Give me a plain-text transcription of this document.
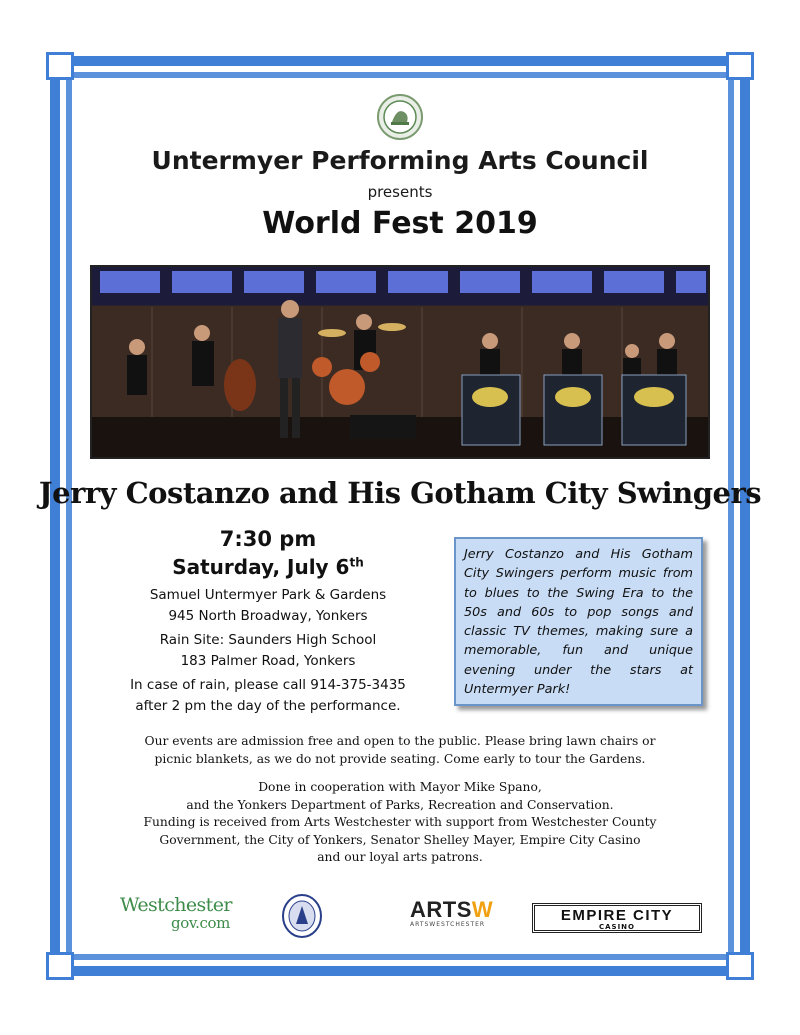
Untermyer Performing Arts Council
presents
World Fest 2019
Jerry Costanzo and His Gotham City Swingers
7:30 pm
Saturday, July 6th
Samuel Untermyer Park & Gardens
945 North Broadway, Yonkers
Rain Site: Saunders High School
183 Palmer Road, Yonkers
In case of rain, please call 914-375-3435
after 2 pm the day of the performance.
Jerry Costanzo and His Gotham City Swingers perform music from to blues to the Swing Era to the 50s and 60s to pop songs and classic TV themes, making sure a memorable, fun and unique evening under the stars at Untermyer Park!
Our events are admission free and open to the public. Please bring lawn chairs or
picnic blankets, as we do not provide seating. Come early to tour the Gardens.
Done in cooperation with Mayor Mike Spano,
and the Yonkers Department of Parks, Recreation and Conservation.
Funding is received from Arts Westchester with support from Westchester County
Government, the City of Yonkers, Senator Shelley Mayer, Empire City Casino
and our loyal arts patrons.
Westchester
gov.com
ARTSW
ARTSWESTCHESTER
EMPIRE CITY
CASINO
